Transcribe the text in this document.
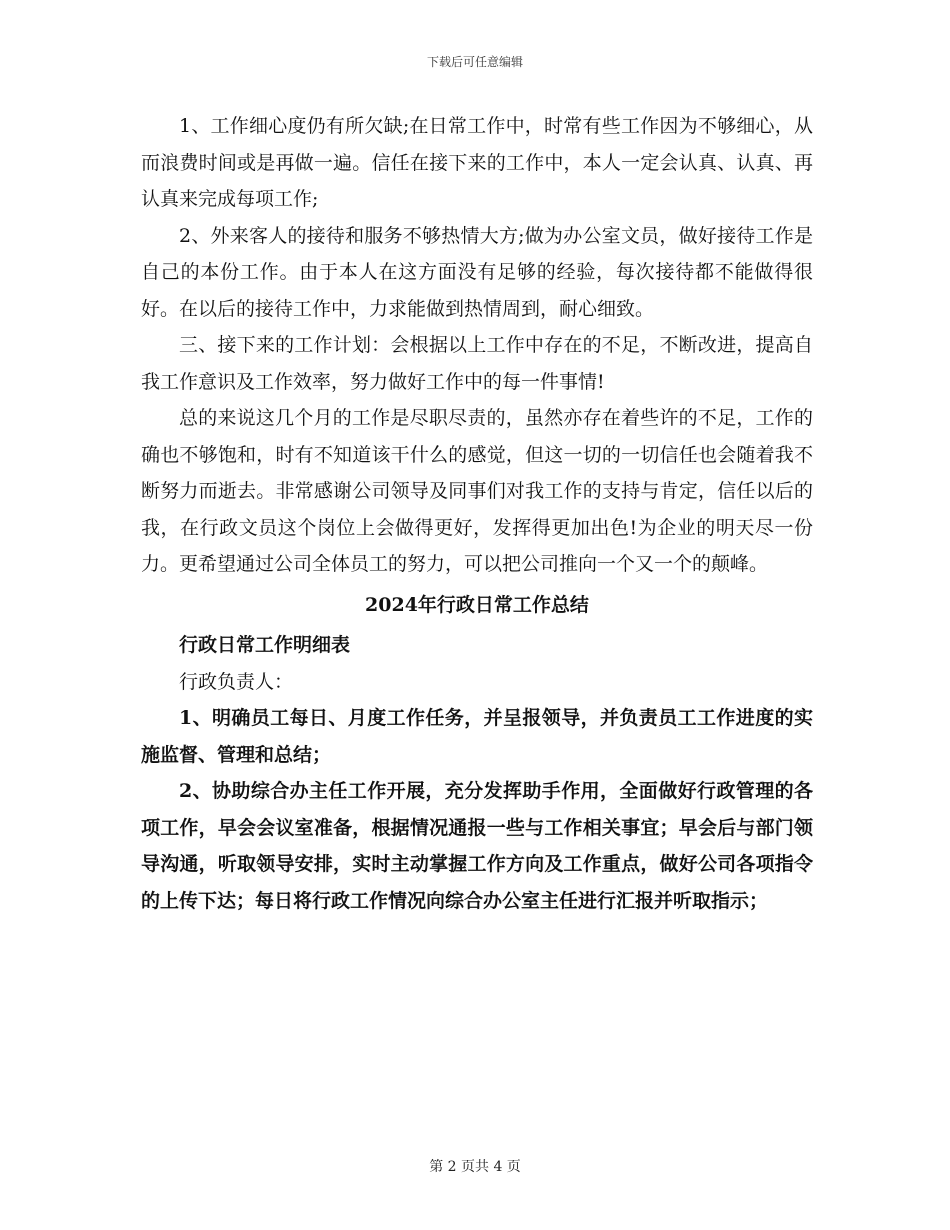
下载后可任意编辑

1、工作细心度仍有所欠缺;在日常工作中，时常有些工作因为不够细心，从而浪费时间或是再做一遍。信任在接下来的工作中，本人一定会认真、认真、再认真来完成每项工作;

2、外来客人的接待和服务不够热情大方;做为办公室文员，做好接待工作是自己的本份工作。由于本人在这方面没有足够的经验，每次接待都不能做得很好。在以后的接待工作中，力求能做到热情周到，耐心细致。

三、接下来的工作计划：会根据以上工作中存在的不足，不断改进，提高自我工作意识及工作效率，努力做好工作中的每一件事情!

总的来说这几个月的工作是尽职尽责的，虽然亦存在着些许的不足，工作的确也不够饱和，时有不知道该干什么的感觉，但这一切的一切信任也会随着我不断努力而逝去。非常感谢公司领导及同事们对我工作的支持与肯定，信任以后的我，在行政文员这个岗位上会做得更好，发挥得更加出色!为企业的明天尽一份力。更希望通过公司全体员工的努力，可以把公司推向一个又一个的颠峰。

2024年行政日常工作总结

行政日常工作明细表

行政负责人：

1、明确员工每日、月度工作任务，并呈报领导，并负责员工工作进度的实施监督、管理和总结；

2、协助综合办主任工作开展，充分发挥助手作用，全面做好行政管理的各项工作，早会会议室准备，根据情况通报一些与工作相关事宜；早会后与部门领导沟通，听取领导安排，实时主动掌握工作方向及工作重点，做好公司各项指令的上传下达；每日将行政工作情况向综合办公室主任进行汇报并听取指示；

第 2 页共 4 页
